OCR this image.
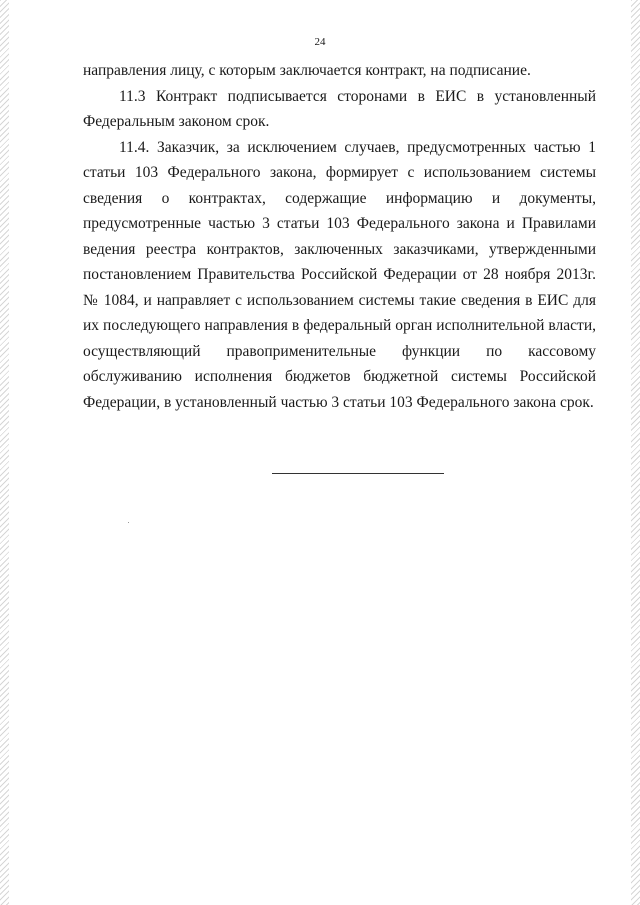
24

направления лицу, с которым заключается контракт, на подписание.

11.3 Контракт подписывается сторонами в ЕИС в установленный Федеральным законом срок.

11.4. Заказчик, за исключением случаев, предусмотренных частью 1 статьи 103 Федерального закона, формирует с использованием системы сведения о контрактах, содержащие информацию и документы, предусмотренные частью 3 статьи 103 Федерального закона и Правилами ведения реестра контрактов, заключенных заказчиками, утвержденными постановлением Правительства Российской Федерации от 28 ноября 2013г. № 1084, и направляет с использованием системы такие сведения в ЕИС для их последующего направления в федеральный орган исполнительной власти, осуществляющий правоприменительные функции по кассовому обслуживанию исполнения бюджетов бюджетной системы Российской Федерации, в установленный частью 3 статьи 103 Федерального закона срок.
